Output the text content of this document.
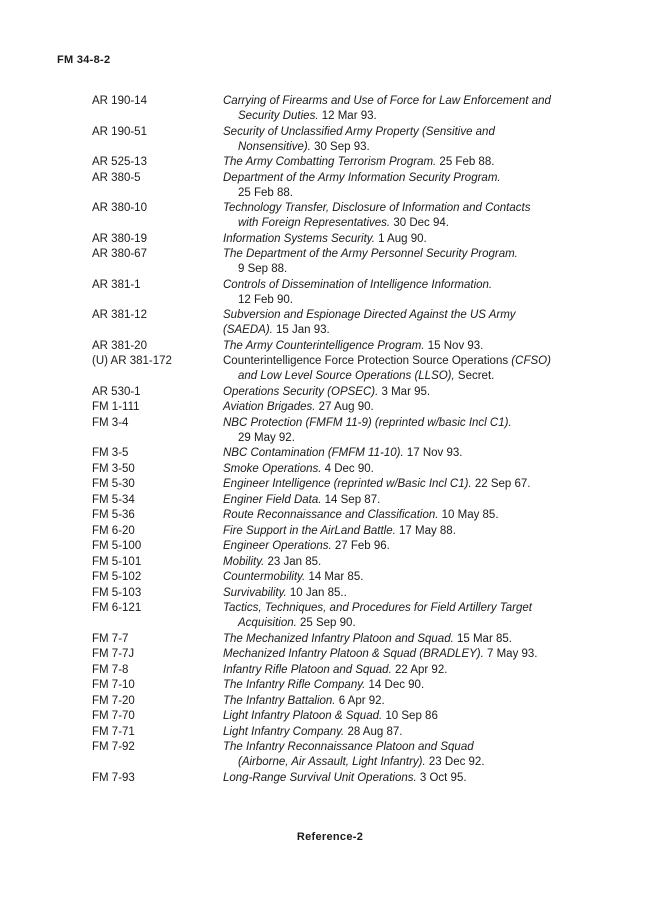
FM 34-8-2
AR 190-14	Carrying of Firearms and Use of Force for Law Enforcement and
Security Duties. 12 Mar 93.
AR 190-51	Security of Unclassified Army Property (Sensitive and
Nonsensitive). 30 Sep 93.
AR 525-13	The Army Combatting Terrorism Program. 25 Feb 88.
AR 380-5	Department of the Army Information Security Program.
25 Feb 88.
AR 380-10	Technology Transfer, Disclosure of Information and Contacts
with Foreign Representatives. 30 Dec 94.
AR 380-19	Information Systems Security. 1 Aug 90.
AR 380-67	The Department of the Army Personnel Security Program.
9 Sep 88.
AR 381-1	Controls of Dissemination of Intelligence Information.
12 Feb 90.
AR 381-12	Subversion and Espionage Directed Against the US Army
(SAEDA). 15 Jan 93.
AR 381-20	The Army Counterintelligence Program. 15 Nov 93.
(U) AR 381-172	Counterintelligence Force Protection Source Operations (CFSO)
and Low Level Source Operations (LLSO), Secret.
AR 530-1	Operations Security (OPSEC). 3 Mar 95.
FM 1-111	Aviation Brigades. 27 Aug 90.
FM 3-4	NBC Protection (FMFM 11-9) (reprinted w/basic Incl C1).
29 May 92.
FM 3-5	NBC Contamination (FMFM 11-10). 17 Nov 93.
FM 3-50	Smoke Operations. 4 Dec 90.
FM 5-30	Engineer Intelligence (reprinted w/Basic Incl C1). 22 Sep 67.
FM 5-34	Enginer Field Data. 14 Sep 87.
FM 5-36	Route Reconnaissance and Classification. 10 May 85.
FM 6-20	Fire Support in the AirLand Battle. 17 May 88.
FM 5-100	Engineer Operations. 27 Feb 96.
FM 5-101	Mobility. 23 Jan 85.
FM 5-102	Countermobility. 14 Mar 85.
FM 5-103	Survivability. 10 Jan 85..
FM 6-121	Tactics, Techniques, and Procedures for Field Artillery Target
Acquisition. 25 Sep 90.
FM 7-7	The Mechanized Infantry Platoon and Squad. 15 Mar 85.
FM 7-7J	Mechanized Infantry Platoon & Squad (BRADLEY). 7 May 93.
FM 7-8	Infantry Rifle Platoon and Squad. 22 Apr 92.
FM 7-10	The Infantry Rifle Company. 14 Dec 90.
FM 7-20	The Infantry Battalion. 6 Apr 92.
FM 7-70	Light Infantry Platoon & Squad. 10 Sep 86
FM 7-71	Light Infantry Company. 28 Aug 87.
FM 7-92	The Infantry Reconnaissance Platoon and Squad
(Airborne, Air Assault, Light Infantry). 23 Dec 92.
FM 7-93	Long-Range Survival Unit Operations. 3 Oct 95.
Reference-2
